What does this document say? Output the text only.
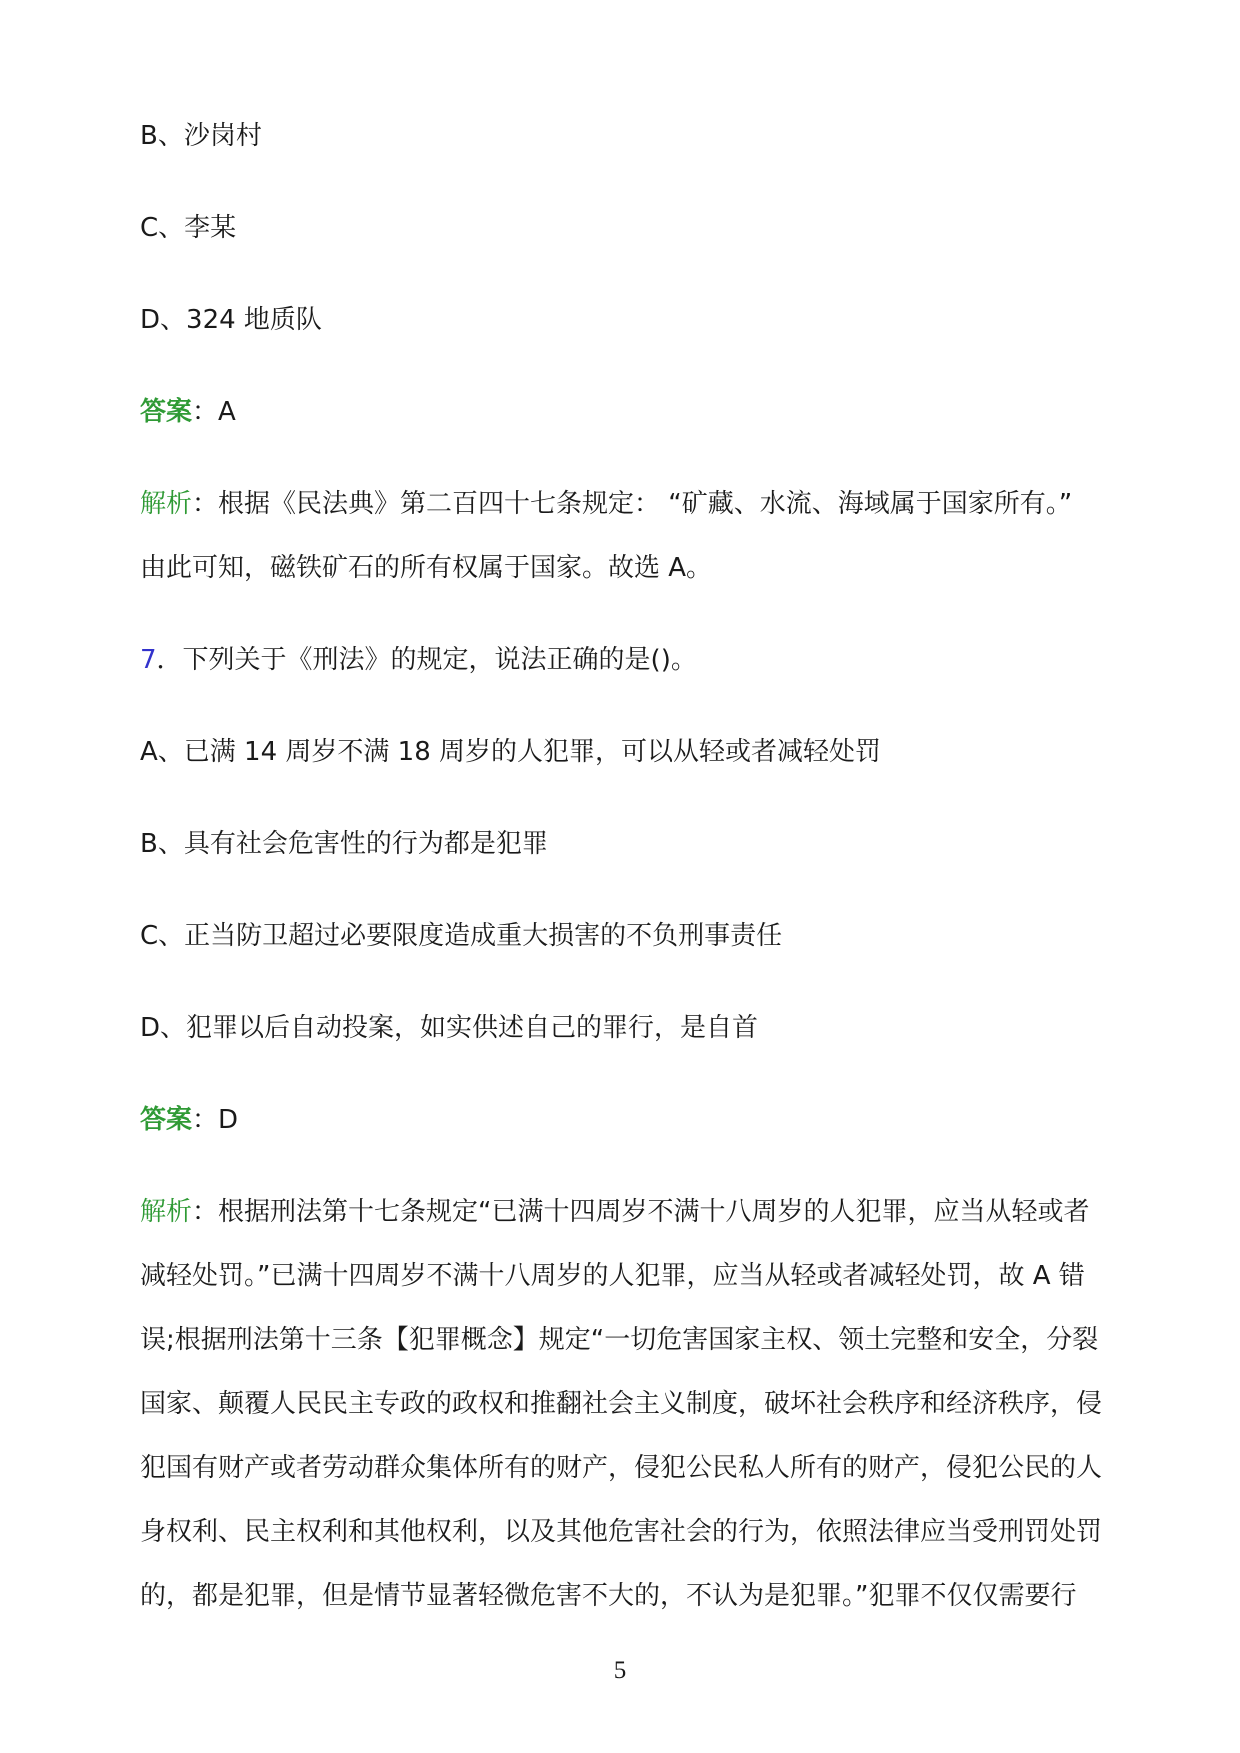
B、沙岗村

C、李某

D、324 地质队

答案：A

解析：根据《民法典》第二百四十七条规定： “矿藏、水流、海域属于国家所有。”
由此可知，磁铁矿石的所有权属于国家。故选 A。

7．下列关于《刑法》的规定，说法正确的是()。

A、已满 14 周岁不满 18 周岁的人犯罪，可以从轻或者减轻处罚

B、具有社会危害性的行为都是犯罪

C、正当防卫超过必要限度造成重大损害的不负刑事责任

D、犯罪以后自动投案，如实供述自己的罪行，是自首

答案：D

解析：根据刑法第十七条规定“已满十四周岁不满十八周岁的人犯罪，应当从轻或者
减轻处罚。”已满十四周岁不满十八周岁的人犯罪，应当从轻或者减轻处罚，故 A 错
误;根据刑法第十三条【犯罪概念】规定“一切危害国家主权、领土完整和安全，分裂
国家、颠覆人民民主专政的政权和推翻社会主义制度，破坏社会秩序和经济秩序，侵
犯国有财产或者劳动群众集体所有的财产，侵犯公民私人所有的财产，侵犯公民的人
身权利、民主权利和其他权利，以及其他危害社会的行为，依照法律应当受刑罚处罚
的，都是犯罪，但是情节显著轻微危害不大的，不认为是犯罪。”犯罪不仅仅需要行
5
